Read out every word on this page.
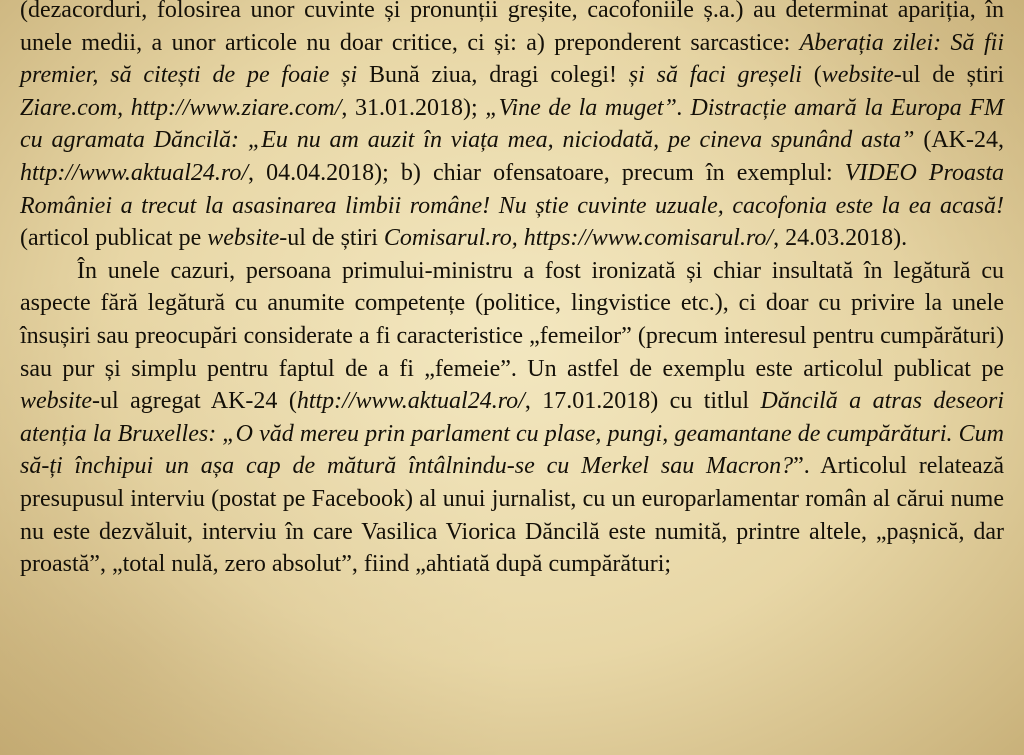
(dezacorduri, folosirea unor cuvinte și pronunții greșite, cacofoniile ș.a.) au determinat apariția, în unele medii, a unor articole nu doar critice, ci și: a) preponderent sarcastice: Aberația zilei: Să fii premier, să citești de pe foaie și Bună ziua, dragi colegi! și să faci greșeli (website-ul de știri Ziare.com, http://www.ziare.com/, 31.01.2018); „Vine de la muget”. Distracție amară la Europa FM cu agramata Dăncilă: „Eu nu am auzit în viața mea, niciodată, pe cineva spunând asta” (AK-24, http://www.aktual24.ro/, 04.04.2018); b) chiar ofensatoare, precum în exemplul: VIDEO Proasta României a trecut la asasinarea limbii române! Nu știe cuvinte uzuale, cacofonia este la ea acasă! (articol publicat pe website-ul de știri Comisarul.ro, https://www.comisarul.ro/, 24.03.2018).

În unele cazuri, persoana primului-ministru a fost ironizată și chiar insultată în legătură cu aspecte fără legătură cu anumite competențe (politice, lingvistice etc.), ci doar cu privire la unele însușiri sau preocupări considerate a fi caracteristice „femeilor” (precum interesul pentru cumpărături) sau pur și simplu pentru faptul de a fi „femeie”. Un astfel de exemplu este articolul publicat pe website-ul agregat AK-24 (http://www.aktual24.ro/, 17.01.2018) cu titlul Dăncilă a atras deseori atenția la Bruxelles: „O văd mereu prin parlament cu plase, pungi, geamantane de cumpărături. Cum să-ți închipui un așa cap de mătură întâlnindu-se cu Merkel sau Macron?”. Articolul relatează presupusul interviu (postat pe Facebook) al unui jurnalist, cu un europarlamentar român al cărui nume nu este dezvăluit, interviu în care Vasilica Viorica Dăncilă este numită, printre altele, „pașnică, dar proastă”, „total nulă, zero absolut”, fiind „ahtiată după cumpărături;
